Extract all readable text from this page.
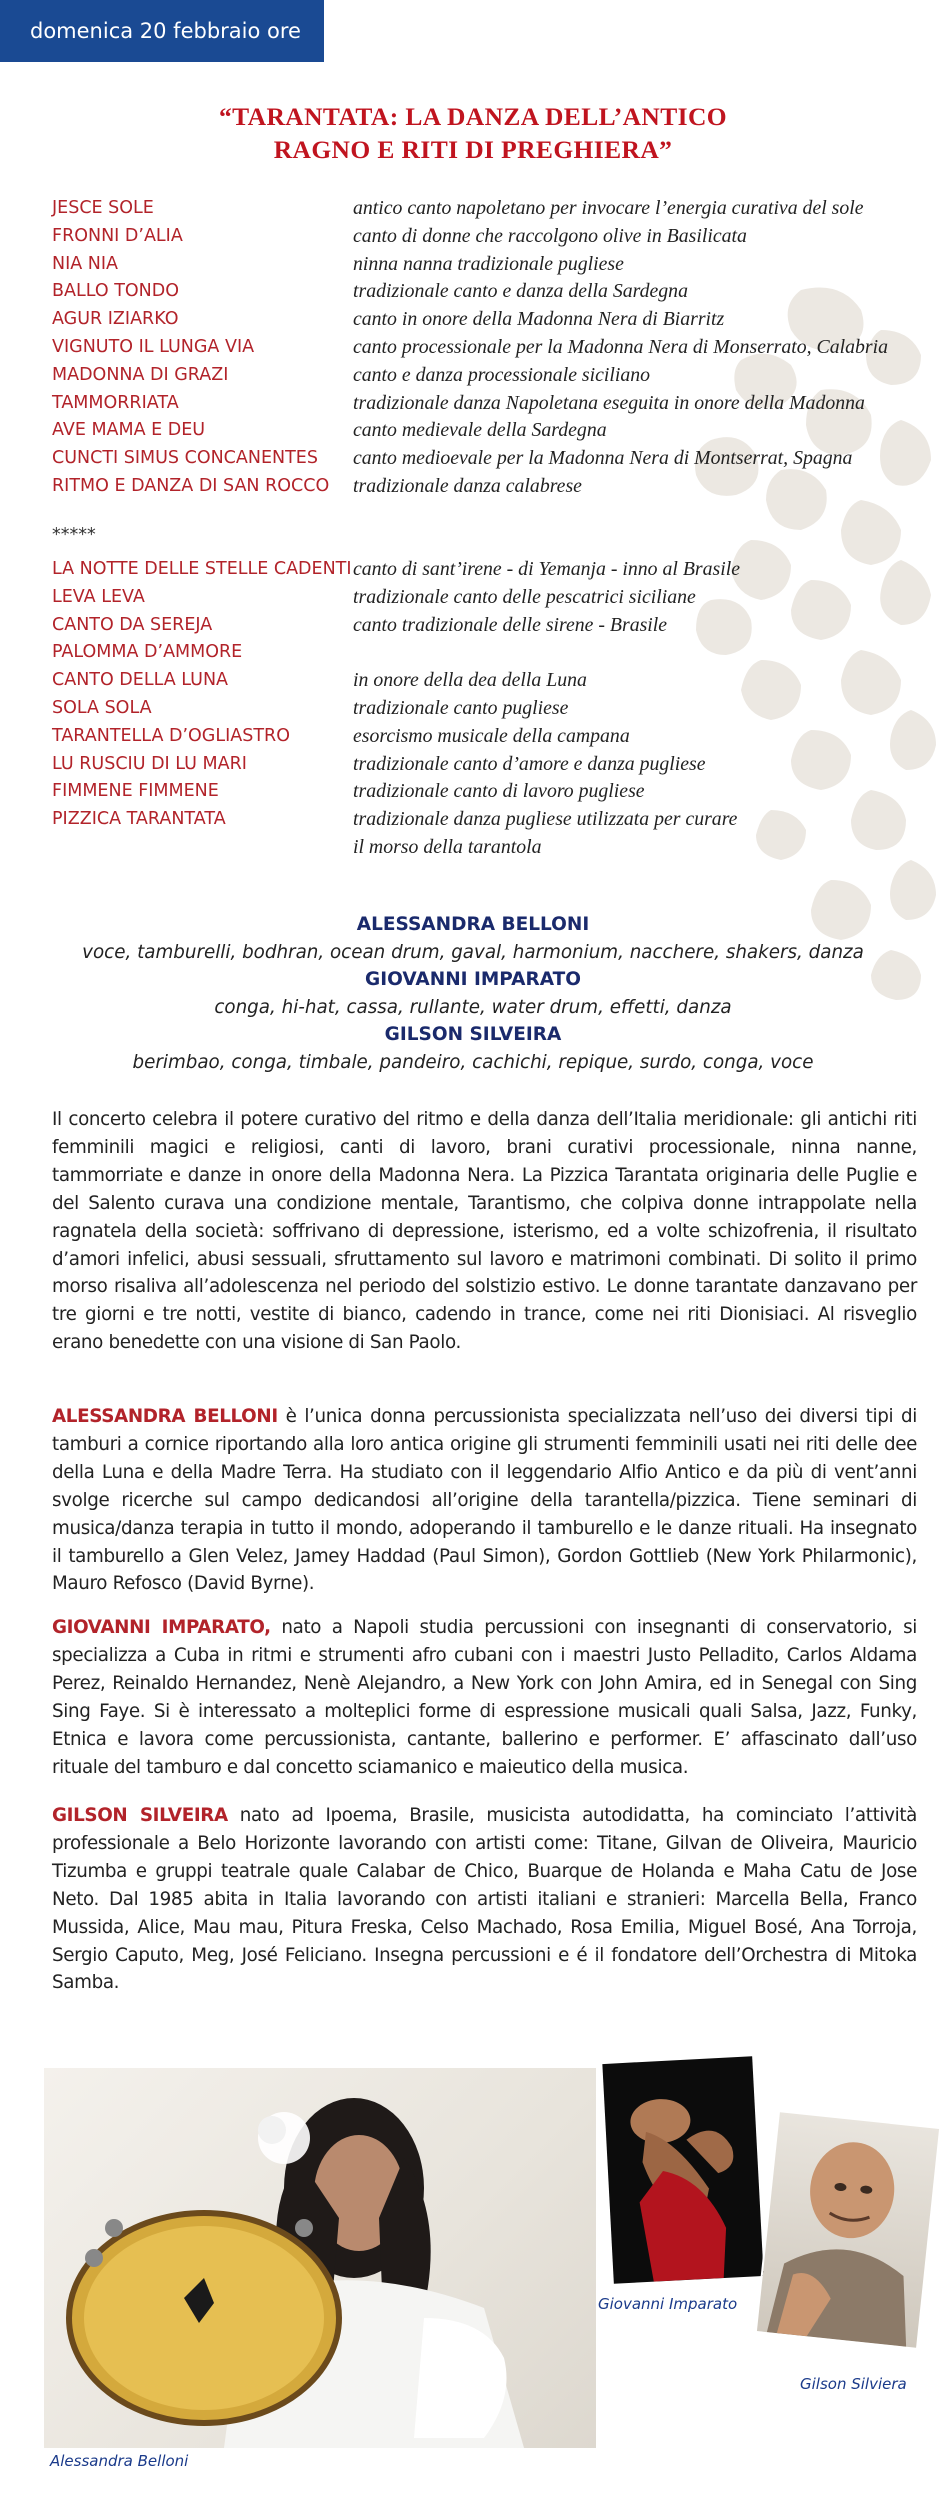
domenica 20 febbraio ore 21
“TARANTATA: LA DANZA DELL’ANTICO
RAGNO E RITI DI PREGHIERA”
JESCE SOLE	antico canto napoletano per invocare l’energia curativa del sole
FRONNI D’ALIA	canto di donne che raccolgono olive in Basilicata
NIA NIA	ninna nanna tradizionale pugliese
BALLO TONDO	tradizionale canto e danza della Sardegna
AGUR IZIARKO	canto in onore della Madonna Nera di Biarritz
VIGNUTO IL LUNGA VIA	canto processionale per la Madonna Nera di Monserrato, Calabria
MADONNA DI GRAZI	canto e danza processionale siciliano
TAMMORRIATA	tradizionale danza Napoletana eseguita in onore della Madonna
AVE MAMA E DEU	canto medievale della Sardegna
CUNCTI SIMUS CONCANENTES canto medioevale per la Madonna Nera di Montserrat, Spagna
RITMO E DANZA DI SAN ROCCO tradizionale danza calabrese
*****
LA NOTTE DELLE STELLE CADENTI canto di sant’irene - di Yemanja - inno al Brasile
LEVA LEVA	tradizionale canto delle pescatrici siciliane
CANTO DA SEREJA	canto tradizionale delle sirene - Brasile
PALOMMA D’AMMORE
CANTO DELLA LUNA	in onore della dea della Luna
SOLA SOLA	tradizionale canto pugliese
TARANTELLA D’OGLIASTRO	esorcismo musicale della campana
LU RUSCIU DI LU MARI	tradizionale canto d’amore e danza pugliese
FIMMENE FIMMENE	tradizionale canto di lavoro pugliese
PIZZICA TARANTATA	tradizionale danza pugliese utilizzata per curare
il morso della tarantola
ALESSANDRA BELLONI
voce, tamburelli, bodhran, ocean drum, gaval, harmonium, nacchere, shakers, danza
GIOVANNI IMPARATO
conga, hi-hat, cassa, rullante, water drum, effetti, danza
GILSON SILVEIRA
berimbao, conga, timbale, pandeiro, cachichi, repique, surdo, conga, voce

Il concerto celebra il potere curativo del ritmo e della danza dell’Italia meridionale: gli antichi riti femminili magici e religiosi, canti di lavoro, brani curativi processionale, ninna nanne, tammorriate e danze in onore della Madonna Nera. La Pizzica Tarantata originaria delle Puglie e del Salento curava una condizione mentale, Tarantismo, che colpiva donne intrappolate nella ragnatela della società: soffrivano di depressione, isterismo, ed a volte schizofrenia, il risultato d’amori infelici, abusi sessuali, sfruttamento sul lavoro e matrimoni combinati. Di solito il primo morso risaliva all’adolescenza nel periodo del solstizio estivo. Le donne tarantate danzavano per tre giorni e tre notti, vestite di bianco, cadendo in trance, come nei riti Dionisiaci. Al risveglio erano benedette con una visione di San Paolo.

ALESSANDRA BELLONI è l’unica donna percussionista specializzata nell’uso dei diversi tipi di tamburi a cornice riportando alla loro antica origine gli strumenti femminili usati nei riti delle dee della Luna e della Madre Terra. Ha studiato con il leggendario Alfio Antico e da più di vent’anni svolge ricerche sul campo dedicandosi all’origine della tarantella/pizzica. Tiene seminari di musica/danza terapia in tutto il mondo, adoperando il tamburello e le danze rituali. Ha insegnato il tamburello a Glen Velez, Jamey Haddad (Paul Simon), Gordon Gottlieb (New York Philarmonic), Mauro Refosco (David Byrne).

GIOVANNI IMPARATO, nato a Napoli studia percussioni con insegnanti di conservatorio, si specializza a Cuba in ritmi e strumenti afro cubani con i maestri Justo Pelladito, Carlos Aldama Perez, Reinaldo Hernandez, Nenè Alejandro, a New York con John Amira, ed in Senegal con Sing Sing Faye. Si è interessato a molteplici forme di espressione musicali quali Salsa, Jazz, Funky, Etnica e lavora come percussionista, cantante, ballerino e performer. E’ affascinato dall’uso rituale del tamburo e dal concetto sciamanico e maieutico della musica.

GILSON SILVEIRA nato ad Ipoema, Brasile, musicista autodidatta, ha cominciato l’attività professionale a Belo Horizonte lavorando con artisti come: Titane, Gilvan de Oliveira, Mauricio Tizumba e gruppi teatrale quale Calabar de Chico, Buarque de Holanda e Maha Catu de Jose Neto. Dal 1985 abita in Italia lavorando con artisti italiani e stranieri: Marcella Bella, Franco Mussida, Alice, Mau mau, Pitura Freska, Celso Machado, Rosa Emilia, Miguel Bosé, Ana Torroja, Sergio Caputo, Meg, José Feliciano. Insegna percussioni e é il fondatore dell’Orchestra di Mitoka Samba.

Alessandra Belloni
Giovanni Imparato
Gilson Silviera
